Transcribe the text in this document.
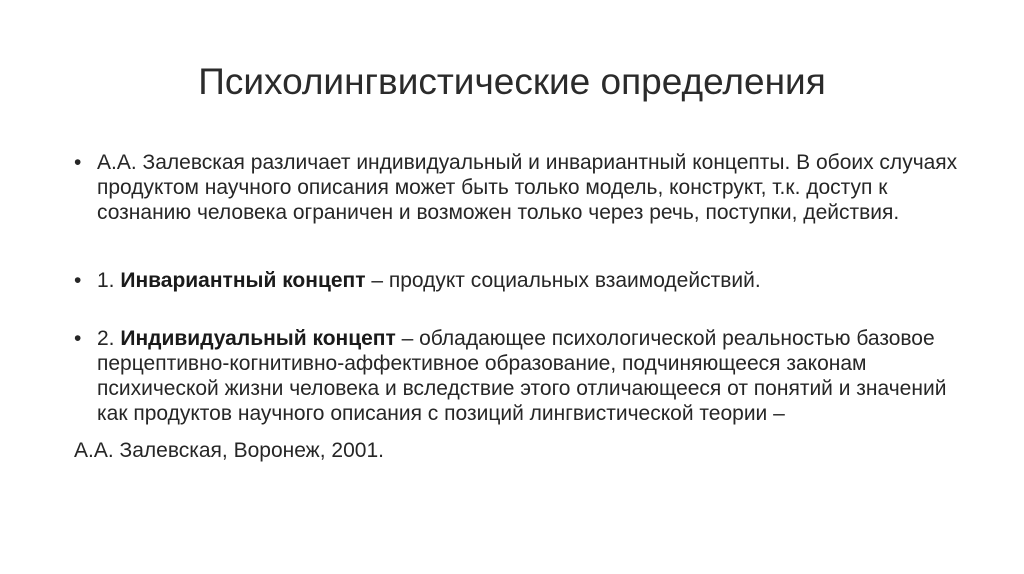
Психолингвистические определения
• А.А. Залевская различает индивидуальный и инвариантный концепты. В обоих случаях продуктом научного описания может быть только модель, конструкт, т.к. доступ к сознанию человека ограничен и возможен только через речь, поступки, действия.
• 1. Инвариантный концепт – продукт социальных взаимодействий.
• 2. Индивидуальный концепт – обладающее психологической реальностью базовое перцептивно-когнитивно-аффективное образование, подчиняющееся законам психической жизни человека и вследствие этого отличающееся от понятий и значений как продуктов научного описания с позиций лингвистической теории –
А.А. Залевская, Воронеж, 2001.
